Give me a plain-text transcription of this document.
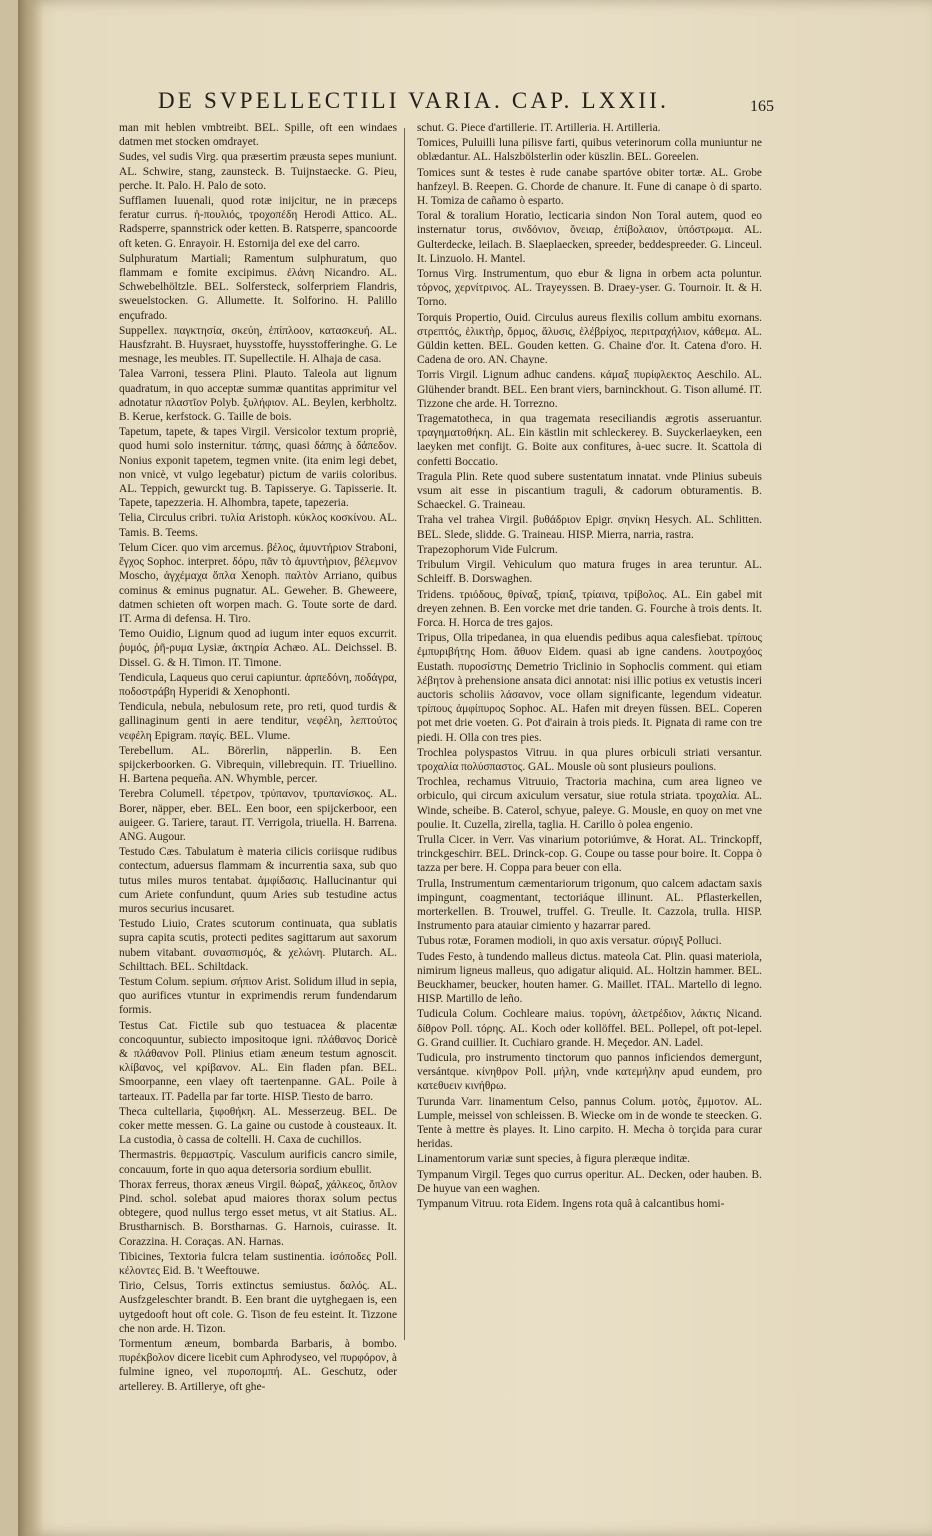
DE SVPELLECTILI VARIA. CAP. LXXII.	165

man mit heblen vmbtreibt. BEL. Spille, oft een windaes datmen met stocken omdrayet.

Sudes, vel sudis Virg. qua præsertim præusta sepes muniunt. AL. Schwire, stang, zaunsteck. B. Tuijnstaecke. G. Pieu, perche. It. Palo. H. Palo de soto.

Sufflamen Iuuenali, quod rotæ inijcitur, ne in præceps feratur currus. ἡ-πουλιός, τροχοπέδη Herodi Attico. AL. Radsperre, spannstrick oder ketten. B. Ratsperre, spancoorde oft keten. G. Enrayoir. H. Estornija del exe del carro.

Sulphuratum Martiali; Ramentum sulphuratum, quo flammam e fomite excipimus. ἐλάνη Nicandro. AL. Schwebelhöltzle. BEL. Solfersteck, solferpriem Flandris, sweuelstocken. G. Allumette. It. Solforino. H. Palillo ençufrado.

Suppellex. παγκτησία, σκεύη, ἐπίπλοον, κατασκευή. AL. Hausfzraht. B. Huysraet, huysstoffe, huysstofferinghe. G. Le mesnage, les meubles. IT. Supellectile. H. Alhaja de casa.

Talea Varroni, tessera Plini. Plauto. Taleola aut lignum quadratum, in quo acceptæ summæ quantitas apprimitur vel adnotatur πλαστῖον Polyb. ξυλήφιον. AL. Beylen, kerbholtz. B. Kerue, kerfstock. G. Taille de bois.

Tapetum, tapete, & tapes Virgil. Versicolor textum propriè, quod humi solo insternitur. τάπης, quasi δάπης à δάπεδον. Nonius exponit tapetem, tegmen vnite. (ita enim legi debet, non vnicè, vt vulgo legebatur) pictum de variis coloribus. AL. Teppich, gewurckt tug. B. Tapisserye. G. Tapisserie. It. Tapete, tapezzeria. H. Alhombra, tapete, tapezeria.

Telia, Circulus cribri. τυλία Aristoph. κύκλος κοσκίνου. AL. Tamis. B. Teems.

Telum Cicer. quo vim arcemus. βέλος, ἀμυντήριον Straboni, ἔγχος Sophoc. interpret. δόρυ, πᾶν τὸ ἀμυντήριον, βέλεμνον Moscho, ἀγχέμαχα ὅπλα Xenoph. παλτὸν Arriano, quibus cominus & eminus pugnatur. AL. Geweher. B. Gheweere, datmen schieten oft worpen mach. G. Toute sorte de dard. IT. Arma di defensa. H. Tiro.

Temo Ouidio, Lignum quod ad iugum inter equos excurrit. ῥυμός, ῥῆ-ρυμα Lysiæ, ἀκτηρία Achæo. AL. Deichssel. B. Dissel. G. & H. Timon. IT. Timone.

Tendicula, Laqueus quo cerui capiuntur. ἀρπεδόνη, ποδάγρα, ποδοστράβη Hyperidi & Xenophonti.

Tendicula, nebula, nebulosum rete, pro reti, quod turdis & gallinaginum genti in aere tenditur, νεφέλη, λεπτούτος νεφέλη Epigram. παγίς. BEL. Vlume.

Terebellum. AL. Börerlin, näpperlin. B. Een spijckerboorken. G. Vibrequin, villebrequin. IT. Triuellino. H. Bartena pequeña. AN. Whymble, percer.

Terebra Columell. τέρετρον, τρύπανον, τρυπανίσκος. AL. Borer, näpper, eber. BEL. Een boor, een spijckerboor, een auigeer. G. Tariere, taraut. IT. Verrigola, triuella. H. Barrena. ANG. Augour.

Testudo Cæs. Tabulatum è materia cilicis coriisque rudibus contectum, aduersus flammam & incurrentia saxa, sub quo tutus miles muros tentabat. ἀμφίδασις. Hallucinantur qui cum Ariete confundunt, quum Aries sub testudine actus muros securius incusaret.

Testudo Liuio, Crates scutorum continuata, qua sublatis supra capita scutis, protecti pedites sagittarum aut saxorum nubem vitabant. συνασπισμός, & χελώνη. Plutarch. AL. Schilttach. BEL. Schiltdack.

Testum Colum. sepium. σήπιον Arist. Solidum illud in sepia, quo aurifices vtuntur in exprimendis rerum fundendarum formis.

Testus Cat. Fictile sub quo testuacea & placentæ concoquuntur, subiecto impositoque igni. πλάθανος Doricè & πλάθανον Poll. Plinius etiam æneum testum agnoscit. κλίβανος, vel κρίβανον. AL. Ein fladen pfan. BEL. Smoorpanne, een vlaey oft taertenpanne. GAL. Poile à tarteaux. IT. Padella par far torte. HISP. Tiesto de barro.

Theca cultellaria, ξιφοθήκη. AL. Messerzeug. BEL. De coker mette messen. G. La gaine ou custode à cousteaux. It. La custodia, ò cassa de coltelli. H. Caxa de cuchillos.

Thermastris. θερμαστρίς. Vasculum aurificis cancro simile, concauum, forte in quo aqua detersoria sordium ebullit.

Thorax ferreus, thorax æneus Virgil. θώραξ, χάλκεος, ὅπλον Pind. schol. solebat apud maiores thorax solum pectus obtegere, quod nullus tergo esset metus, vt ait Statius. AL. Brustharnisch. B. Borstharnas. G. Harnois, cuirasse. It. Corazzina. H. Coraças. AN. Harnas.

Tibicines, Textoria fulcra telam sustinentia. ἰσόποδες Poll. κέλοντες Eid. B. 't Weeftouwe.

Tirio, Celsus, Torris extinctus semiustus. δαλός. AL. Ausfzgeleschter brandt. B. Een brant die uytghegaen is, een uytgedooft hout oft cole. G. Tison de feu esteint. It. Tizzone che non arde. H. Tizon.

Tormentum æneum, bombarda Barbaris, à bombo. πυρέκβολον dicere licebit cum Aphrodyseo, vel πυρφόρον, à fulmine igneo, vel πυροπομπή. AL. Geschutz, oder artellerey. B. Artillerye, oft ghe-

schut. G. Piece d'artillerie. IT. Artilleria. H. Artilleria.

Tomices, Puluilli luna pilisve farti, quibus veterinorum colla muniuntur ne oblædantur. AL. Halszbölsterlin oder küszlin. BEL. Goreelen.

Tomices sunt & testes è rude canabe spartóve obiter tortæ. AL. Grobe hanfzeyl. B. Reepen. G. Chorde de chanure. It. Fune di canape ò di sparto. H. Tomiza de cañamo ò esparto.

Toral & toralium Horatio, lecticaria sindon Non Toral autem, quod eo insternatur torus, σινδόνιον, ὄνειαρ, ἐπίβολαιον, ὑπόστρωμα. AL. Gulterdecke, leilach. B. Slaeplaecken, spreeder, beddespreeder. G. Linceul. It. Linzuolo. H. Mantel.

Tornus Virg. Instrumentum, quo ebur & ligna in orbem acta poluntur. τόρνος, χερνίτρινος. AL. Trayeyssen. B. Draey-yser. G. Tournoir. It. & H. Torno.

Torquis Propertio, Ouid. Circulus aureus flexilis collum ambitu exornans. στρεπτός, ἑλικτὴρ, ὅρμος, ἅλυσις, ἑλέβρίχος, περιτραχήλιον, κάθεμα. AL. Güldin ketten. BEL. Gouden ketten. G. Chaine d'or. It. Catena d'oro. H. Cadena de oro. AN. Chayne.

Torris Virgil. Lignum adhuc candens. κάμαξ πυρίφλεκτος Aeschilo. AL. Glühender brandt. BEL. Een brant viers, barninckhout. G. Tison allumé. IT. Tizzone che arde. H. Torrezno.

Tragematotheca, in qua tragemata reseciliandis ægrotis asseruantur. τραγηματοθήκη. AL. Ein kästlin mit schleckerey. B. Suyckerlaeyken, een laeyken met confijt. G. Boite aux confitures, à-uec sucre. It. Scattola di confetti Boccatio.

Tragula Plin. Rete quod subere sustentatum innatat. vnde Plinius subeuis vsum ait esse in piscantium traguli, & cadorum obturamentis. B. Schaeckel. G. Traineau.

Traha vel trahea Virgil. βυθάδριον Epigr. σηνίκη Hesych. AL. Schlitten. BEL. Slede, slidde. G. Traineau. HISP. Mierra, narria, rastra.

Trapezophorum Vide Fulcrum.

Tribulum Virgil. Vehiculum quo matura fruges in area teruntur. AL. Schleiff. B. Dorswaghen.

Tridens. τριόδους, θρίναξ, τρίαιξ, τρίαινα, τρίβολος. AL. Ein gabel mit dreyen zehnen. B. Een vorcke met drie tanden. G. Fourche à trois dents. It. Forca. H. Horca de tres gajos.

Tripus, Olla tripedanea, in qua eluendis pedibus aqua calesfiebat. τρίπους ἐμπυριβήτης Hom. ἄθυον Eidem. quasi ab igne candens. λουτροχόος Eustath. πυροσίστης Demetrio Triclinio in Sophoclis comment. qui etiam λέβητον à prehensione ansata dici annotat: nisi illic potius ex vetustis inceri auctoris scholiis λάσανον, voce ollam significante, legendum videatur. τρίπους ἀμφίπυρος Sophoc. AL. Hafen mit dreyen füssen. BEL. Coperen pot met drie voeten. G. Pot d'airain à trois pieds. It. Pignata di rame con tre piedi. H. Olla con tres pies.

Trochlea polyspastos Vitruu. in qua plures orbiculi striati versantur. τροχαλία πολύσπαστος. GAL. Mousle où sont plusieurs poulions.

Trochlea, rechamus Vitruuio, Tractoria machina, cum area ligneo ve orbiculo, qui circum axiculum versatur, siue rotula striata. τροχαλία. AL. Winde, scheibe. B. Caterol, schyue, paleye. G. Mousle, en quoy on met vne poulie. It. Cuzella, zirella, taglia. H. Carillo ò polea engenio.

Trulla Cicer. in Verr. Vas vinarium potoriúmve, & Horat. AL. Trinckopff, trinckgeschirr. BEL. Drinck-cop. G. Coupe ou tasse pour boire. It. Coppa ò tazza per bere. H. Coppa para beuer con ella.

Trulla, Instrumentum cæmentariorum trigonum, quo calcem adactam saxis impingunt, coagmentant, tectoriáque illinunt. AL. Pflasterkellen, morterkellen. B. Trouwel, truffel. G. Treulle. It. Cazzola, trulla. HISP. Instrumento para atauiar cimiento y hazarrar pared.

Tubus rotæ, Foramen modioli, in quo axis versatur. σύριγξ Polluci.

Tudes Festo, à tundendo malleus dictus. mateola Cat. Plin. quasi materiola, nimirum ligneus malleus, quo adigatur aliquid. AL. Holtzin hammer. BEL. Beuckhamer, beucker, houten hamer. G. Maillet. ITAL. Martello di legno. HISP. Martillo de leño.

Tudicula Colum. Cochleare maius. τορύνη, ἀλετρέδιον, λάκτις Nicand. δίθρον Poll. τόρης. AL. Koch oder kollöffel. BEL. Pollepel, oft pot-lepel. G. Grand cuillier. It. Cuchiaro grande. H. Meçedor. AN. Ladel.

Tudicula, pro instrumento tinctorum quo pannos inficiendos demergunt, versántque. κίνηθρον Poll. μήλη, vnde κατεμήλην apud eundem, pro κατεθυειν κινήθρω.

Turunda Varr. linamentum Celso, pannus Colum. μοτὸς, ἔμμοτον. AL. Lumple, meissel von schleissen. B. Wiecke om in de wonde te steecken. G. Tente à mettre ès playes. It. Lino carpito. H. Mecha ò torçida para curar heridas.

Linamentorum variæ sunt species, à figura pleræque inditæ.

Tympanum Virgil. Teges quo currus operitur. AL. Decken, oder hauben. B. De huyue van een waghen.

Tympanum Vitruu. rota Eidem. Ingens rota quâ à calcantibus homi-
